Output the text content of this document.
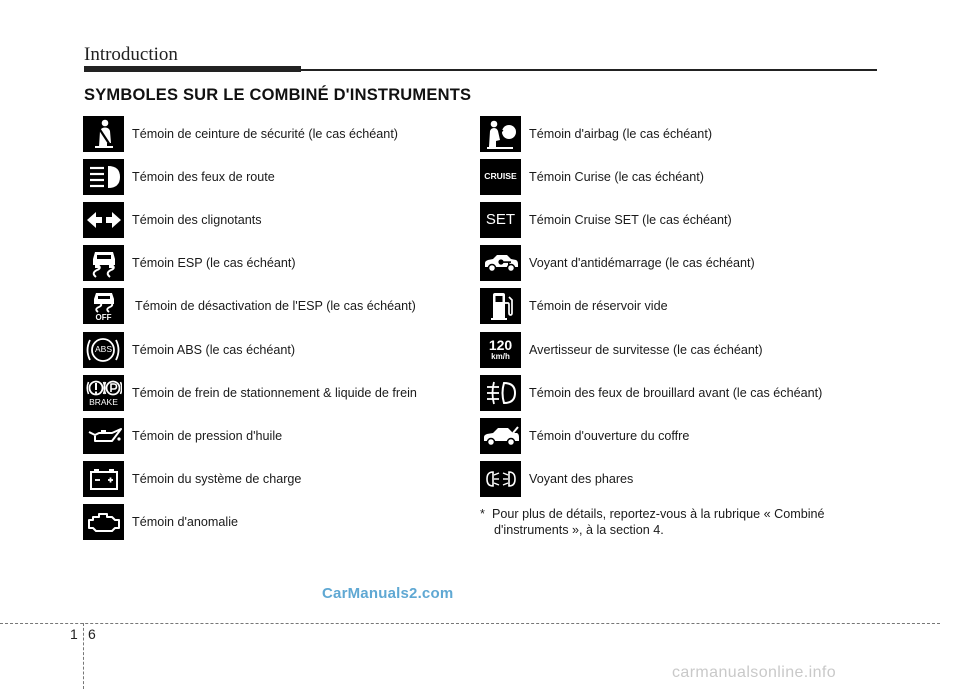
Introduction
SYMBOLES SUR LE COMBINÉ D'INSTRUMENTS
Témoin de ceinture de sécurité (le cas échéant)
Témoin des feux de route
Témoin des clignotants
Témoin ESP (le cas échéant)
OFF
Témoin de désactivation de l'ESP (le cas échéant)
ABS Témoin ABS (le cas échéant)
BRAKE
Témoin de frein de stationnement & liquide de frein
Témoin de pression d'huile
Témoin du système de charge
Témoin d'anomalie
Témoin d'airbag (le cas échéant)
CRUISE Témoin Curise (le cas échéant)
SET Témoin Cruise SET (le cas échéant)
Voyant d'antidémarrage (le cas échéant)
Témoin de réservoir vide
120
km/h Avertisseur de survitesse (le cas échéant)
Témoin des feux de brouillard avant (le cas échéant)
Témoin d'ouverture du coffre
Voyant des phares
* Pour plus de détails, reportez-vous à la rubrique « Combiné
d'instruments », à la section 4.
CarManuals2.com
1 6
carmanualsonline.info
